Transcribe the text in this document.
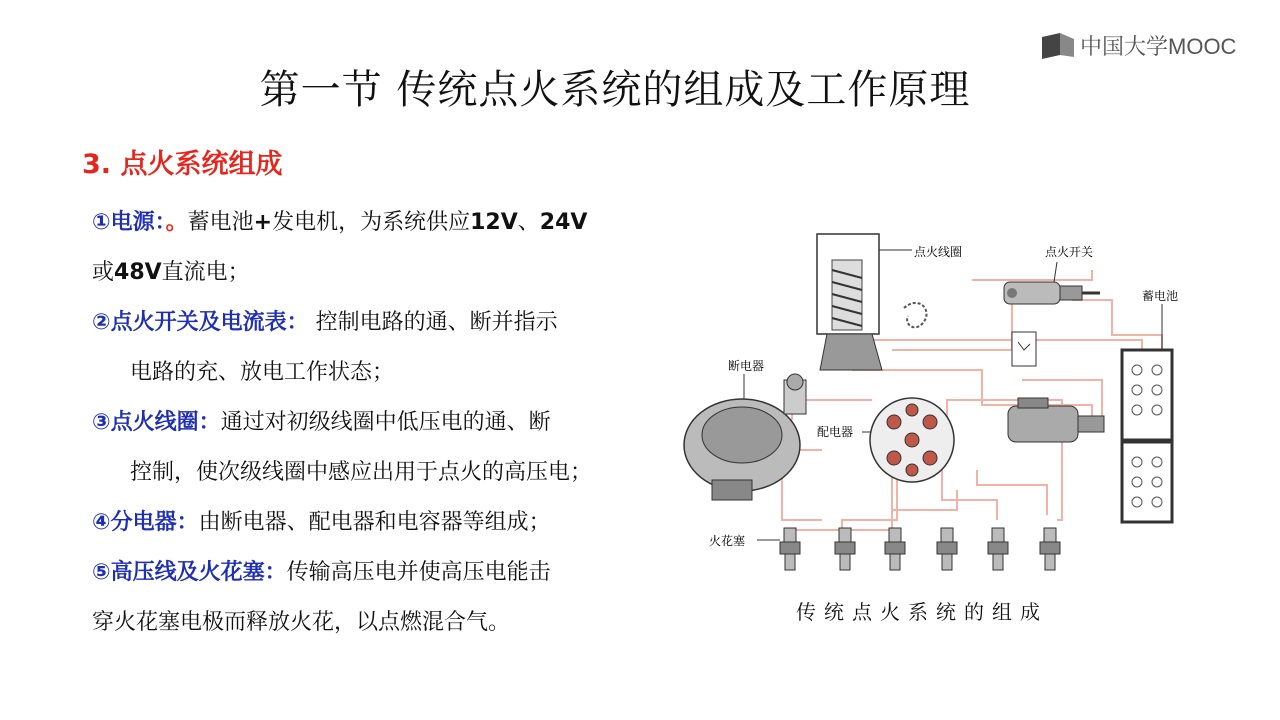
中国大学MOOC
第一节 传统点火系统的组成及工作原理
3. 点火系统组成
①电源：。蓄电池+发电机，为系统供应12V、24V
或48V直流电；
②点火开关及电流表： 控制电路的通、断并指示
电路的充、放电工作状态；
③点火线圈：通过对初级线圈中低压电的通、断
控制，使次级线圈中感应出用于点火的高压电；
④分电器：由断电器、配电器和电容器等组成；
⑤高压线及火花塞：传输高压电并使高压电能击
穿火花塞电极而释放火花，以点燃混合气。
点火线圈	点火开关
蓄电池
断电器
配电器
火花塞
传统点火系统的组成
